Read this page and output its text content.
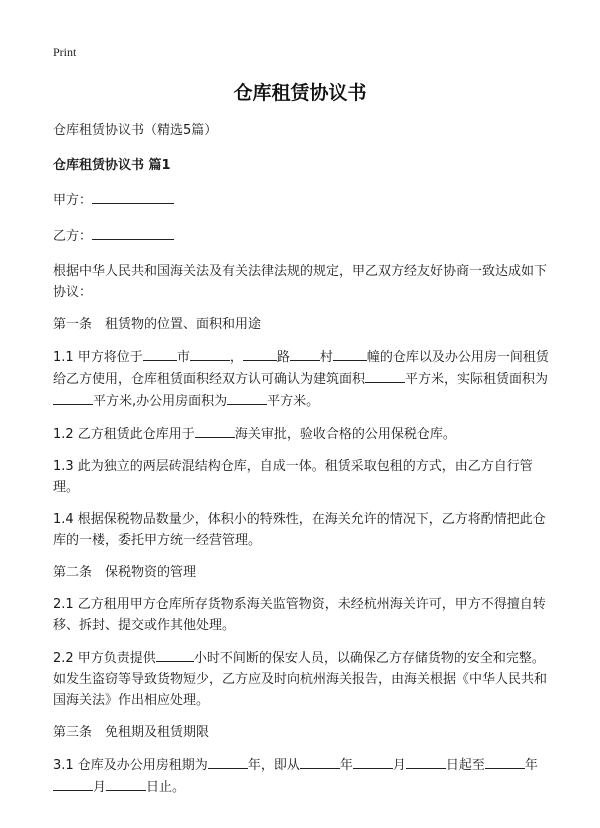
Print
仓库租赁协议书
仓库租赁协议书（精选5篇）
仓库租赁协议书 篇1
甲方：
乙方：
根据中华人民共和国海关法及有关法律法规的规定，甲乙双方经友好协商一致达成如下协议：
第一条　租赁物的位置、面积和用途
1.1 甲方将位于	市	，	路 村	幢的仓库以及办公用房一间租赁给乙方使用，仓库租赁面积经双方认可确认为建筑面积	平方米，实际租赁面积为平方米,办公用房面积为	平方米。
1.2 乙方租赁此仓库用于	海关审批，验收合格的公用保税仓库。
1.3 此为独立的两层砖混结构仓库，自成一体。租赁采取包租的方式，由乙方自行管理。
1.4 根据保税物品数量少，体积小的特殊性，在海关允许的情况下，乙方将酌情把此仓库的一楼，委托甲方统一经营管理。
第二条　保税物资的管理
2.1 乙方租用甲方仓库所存货物系海关监管物资，未经杭州海关许可，甲方不得擅自转移、拆封、提交或作其他处理。
2.2 甲方负责提供	小时不间断的保安人员，以确保乙方存储货物的安全和完整。如发生盗窃等导致货物短少，乙方应及时向杭州海关报告，由海关根据《中华人民共和国海关法》作出相应处理。
第三条　免租期及租赁期限
3.1 仓库及办公用房租期为	年，即从	年	月	日起至	年月	日止。
